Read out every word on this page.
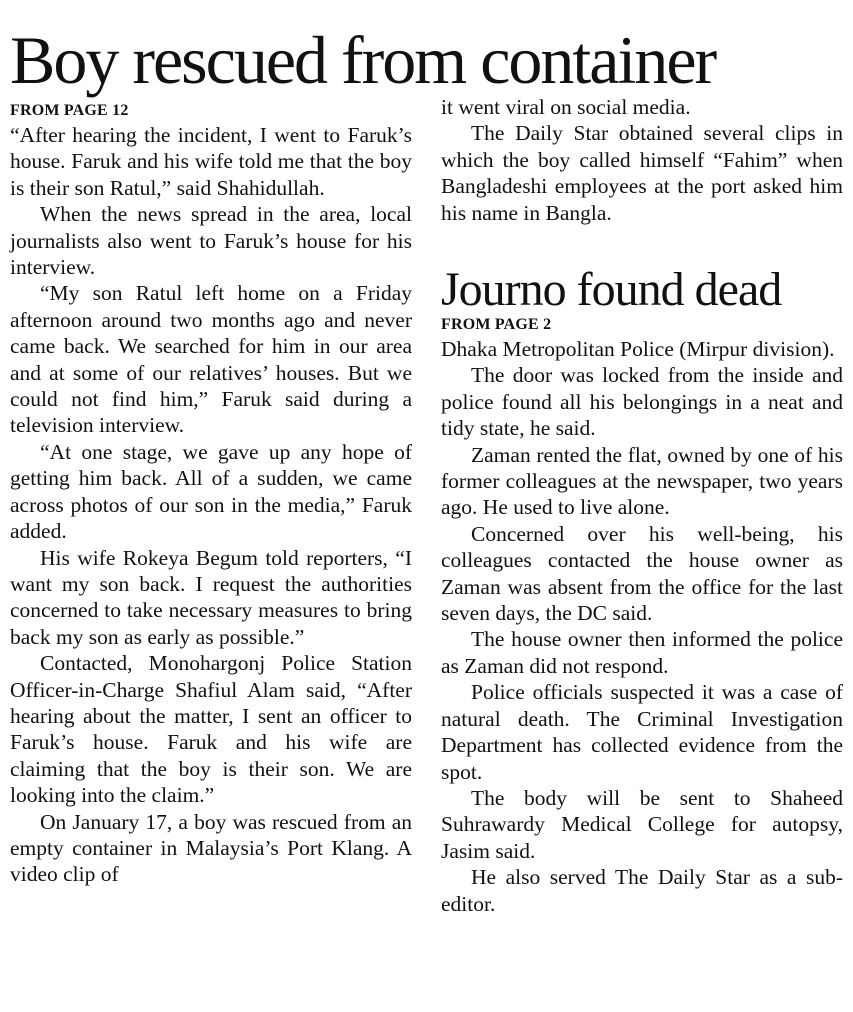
Boy rescued from container
FROM PAGE 12

“After hearing the incident, I went to Faruk’s house. Faruk and his wife told me that the boy is their son Ratul,” said Shahidullah.

When the news spread in the area, local journalists also went to Faruk’s house for his interview.

“My son Ratul left home on a Friday afternoon around two months ago and never came back. We searched for him in our area and at some of our relatives’ houses. But we could not find him,” Faruk said during a television interview.

“At one stage, we gave up any hope of getting him back. All of a sudden, we came across photos of our son in the media,” Faruk added.

His wife Rokeya Begum told reporters, “I want my son back. I request the authorities concerned to take necessary measures to bring back my son as early as possible.”

Contacted, Monohargonj Police Station Officer-in-Charge Shafiul Alam said, “After hearing about the matter, I sent an officer to Faruk’s house. Faruk and his wife are claiming that the boy is their son. We are looking into the claim.”

On January 17, a boy was rescued from an empty container in Malaysia’s Port Klang. A video clip of

it went viral on social media.

The Daily Star obtained several clips in which the boy called himself “Fahim” when Bangladeshi employees at the port asked him his name in Bangla.

Journo found dead
FROM PAGE 2

Dhaka Metropolitan Police (Mirpur division).

The door was locked from the inside and police found all his belongings in a neat and tidy state, he said.

Zaman rented the flat, owned by one of his former colleagues at the newspaper, two years ago. He used to live alone.

Concerned over his well-being, his colleagues contacted the house owner as Zaman was absent from the office for the last seven days, the DC said.

The house owner then informed the police as Zaman did not respond.

Police officials suspected it was a case of natural death. The Criminal Investigation Department has collected evidence from the spot.

The body will be sent to Shaheed Suhrawardy Medical College for autopsy, Jasim said.

He also served The Daily Star as a sub-editor.
